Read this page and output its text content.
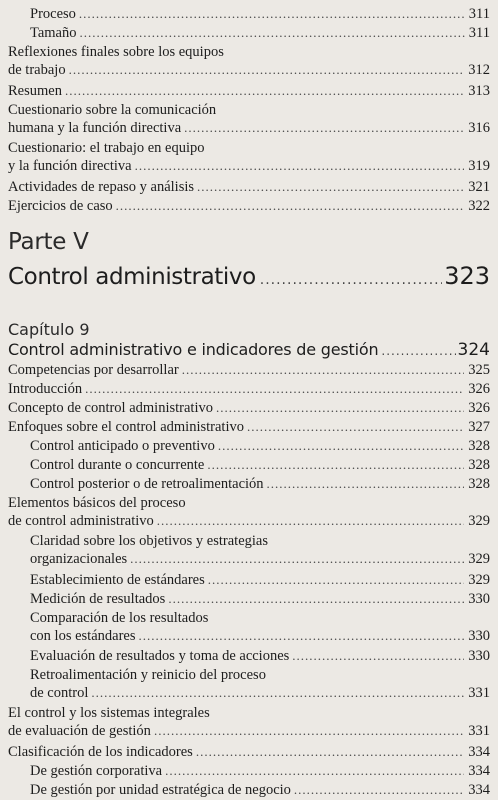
Proceso .....	311
Tamaño .....	311
Reflexiones finales sobre los equipos
de trabajo .....	312
Resumen .....	313
Cuestionario sobre la comunicación
humana y la función directiva .....	316
Cuestionario: el trabajo en equipo
y la función directiva .....	319
Actividades de repaso y análisis .....	321
Ejercicios de caso .....	322
Parte V
Control administrativo .....	323
Capítulo 9
Control administrativo e indicadores de gestión .....	324
Competencias por desarrollar .....	325
Introducción .....	326
Concepto de control administrativo .....	326
Enfoques sobre el control administrativo .....	327
Control anticipado o preventivo .....	328
Control durante o concurrente .....	328
Control posterior o de retroalimentación .....	328
Elementos básicos del proceso
de control administrativo .....	329
Claridad sobre los objetivos y estrategias
organizacionales .....	329
Establecimiento de estándares .....	329
Medición de resultados .....	330
Comparación de los resultados
con los estándares .....	330
Evaluación de resultados y toma de acciones .....	330
Retroalimentación y reinicio del proceso
de control .....	331
El control y los sistemas integrales
de evaluación de gestión .....	331
Clasificación de los indicadores .....	334
De gestión corporativa .....	334
De gestión por unidad estratégica de negocio .....	334
